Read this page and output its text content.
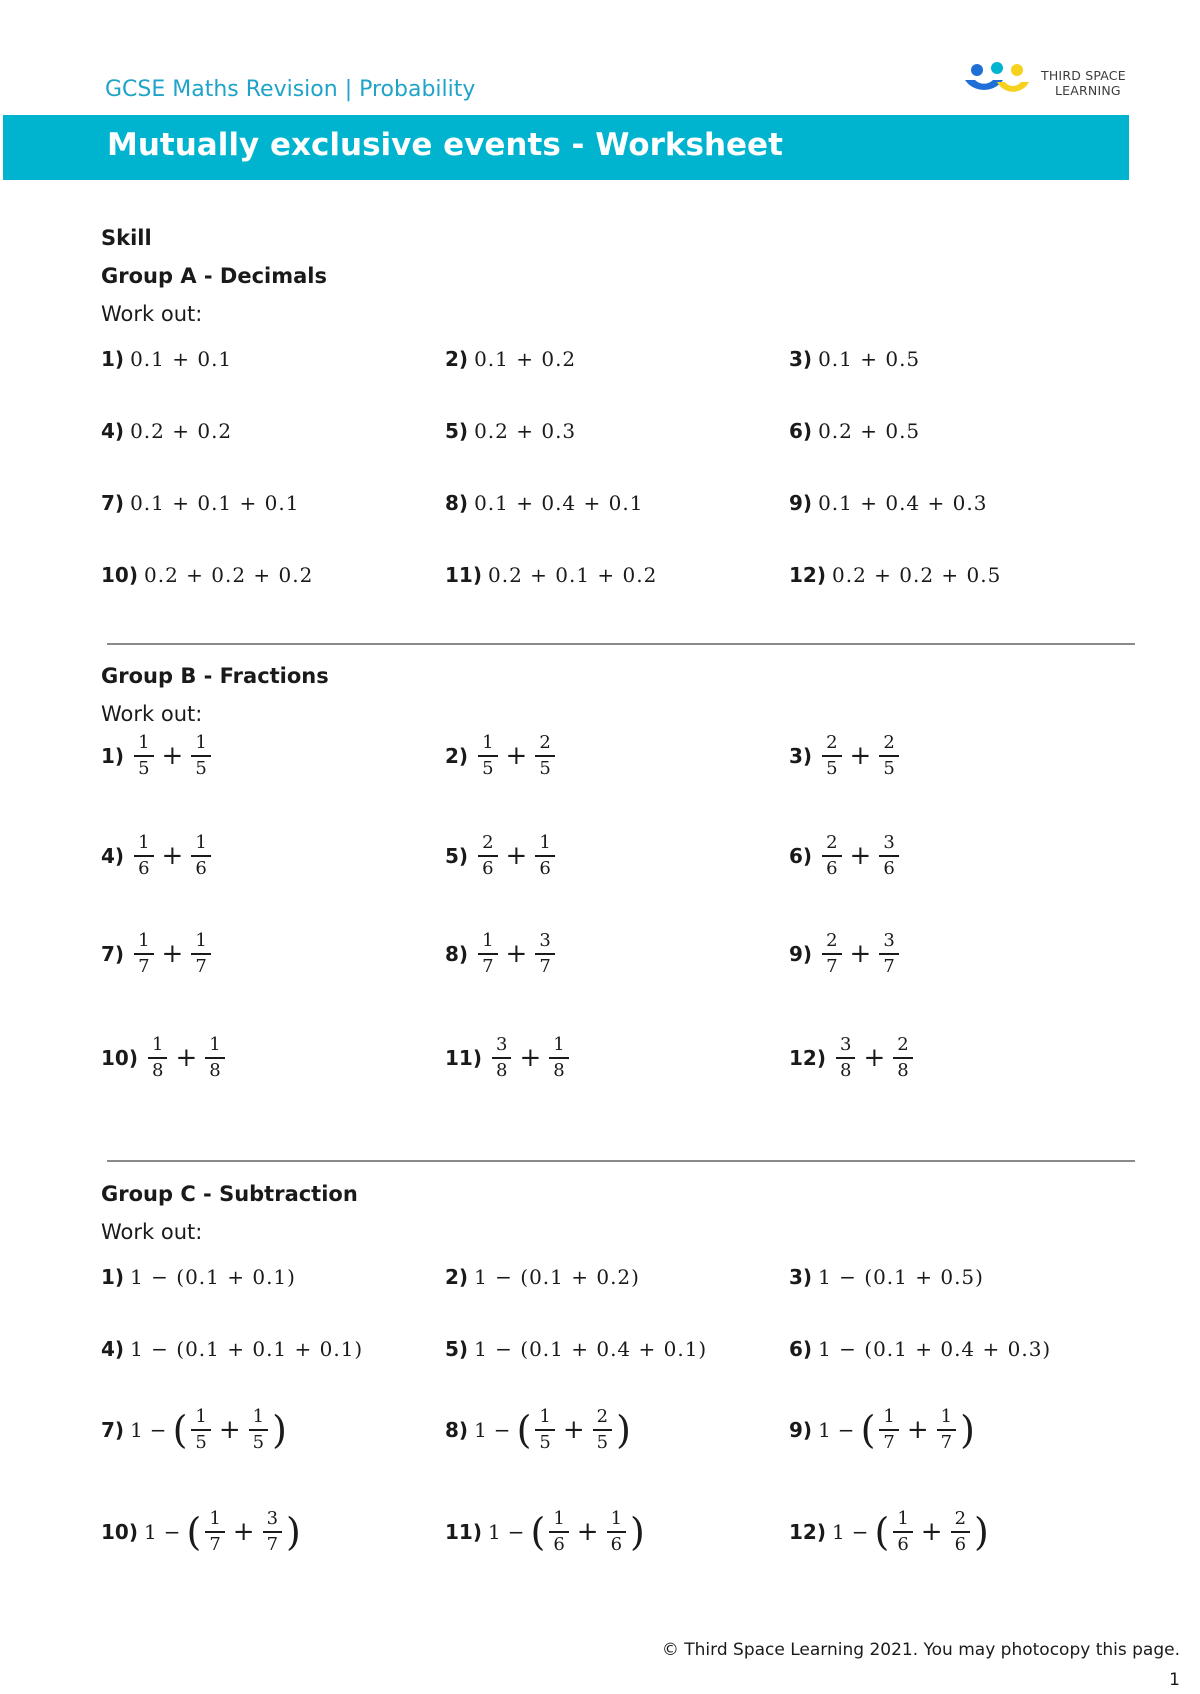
GCSE Maths Revision | Probability
THIRD SPACE
LEARNING
Mutually exclusive events - Worksheet
Skill
Group A - Decimals
Work out:
1) 0.1 + 0.1	2) 0.1 + 0.2	3) 0.1 + 0.5
4) 0.2 + 0.2	5) 0.2 + 0.3	6) 0.2 + 0.5
7) 0.1 + 0.1 + 0.1	8) 0.1 + 0.4 + 0.1	9) 0.1 + 0.4 + 0.3
10) 0.2 + 0.2 + 0.2	11) 0.2 + 0.1 + 0.2	12) 0.2 + 0.2 + 0.5
Group B - Fractions
Work out:
$1) \frac{1}{5} + \frac{1}{5}$	$2) \frac{1}{5} + \frac{2}{5}$	$3) \frac{2}{5} + \frac{2}{5}$
$4) \frac{1}{6} + \frac{1}{6}$	$5) \frac{2}{6} + \frac{1}{6}$	$6) \frac{2}{6} + \frac{3}{6}$
$7) \frac{1}{7} + \frac{1}{7}$	$8) \frac{1}{7} + \frac{3}{7}$	$9) \frac{2}{7} + \frac{3}{7}$
$10) \frac{1}{8} + \frac{1}{8}$	$11) \frac{3}{8} + \frac{1}{8}$	$12) \frac{3}{8} + \frac{2}{8}$
Group C - Subtraction
Work out:
1) 1 − (0.1 + 0.1)	2) 1 − (0.1 + 0.2)	3) 1 − (0.1 + 0.5)
4) 1 − (0.1 + 0.1 + 0.1)	5) 1 − (0.1 + 0.4 + 0.1)	6) 1 − (0.1 + 0.4 + 0.3)
7) 1 − ( $\frac{1}{5} + \frac{1}{5}$ )	8) 1 − ( $\frac{1}{5} + \frac{2}{5}$ )	9) 1 − ( $\frac{1}{7} + \frac{1}{7}$ )
10) 1 − ( $\frac{1}{7} + \frac{3}{7}$ )	11) 1 − ( $\frac{1}{6} + \frac{1}{6}$ )	12) 1 − ( $\frac{1}{6} + \frac{2}{6}$ )
© Third Space Learning 2021. You may photocopy this page.
1
